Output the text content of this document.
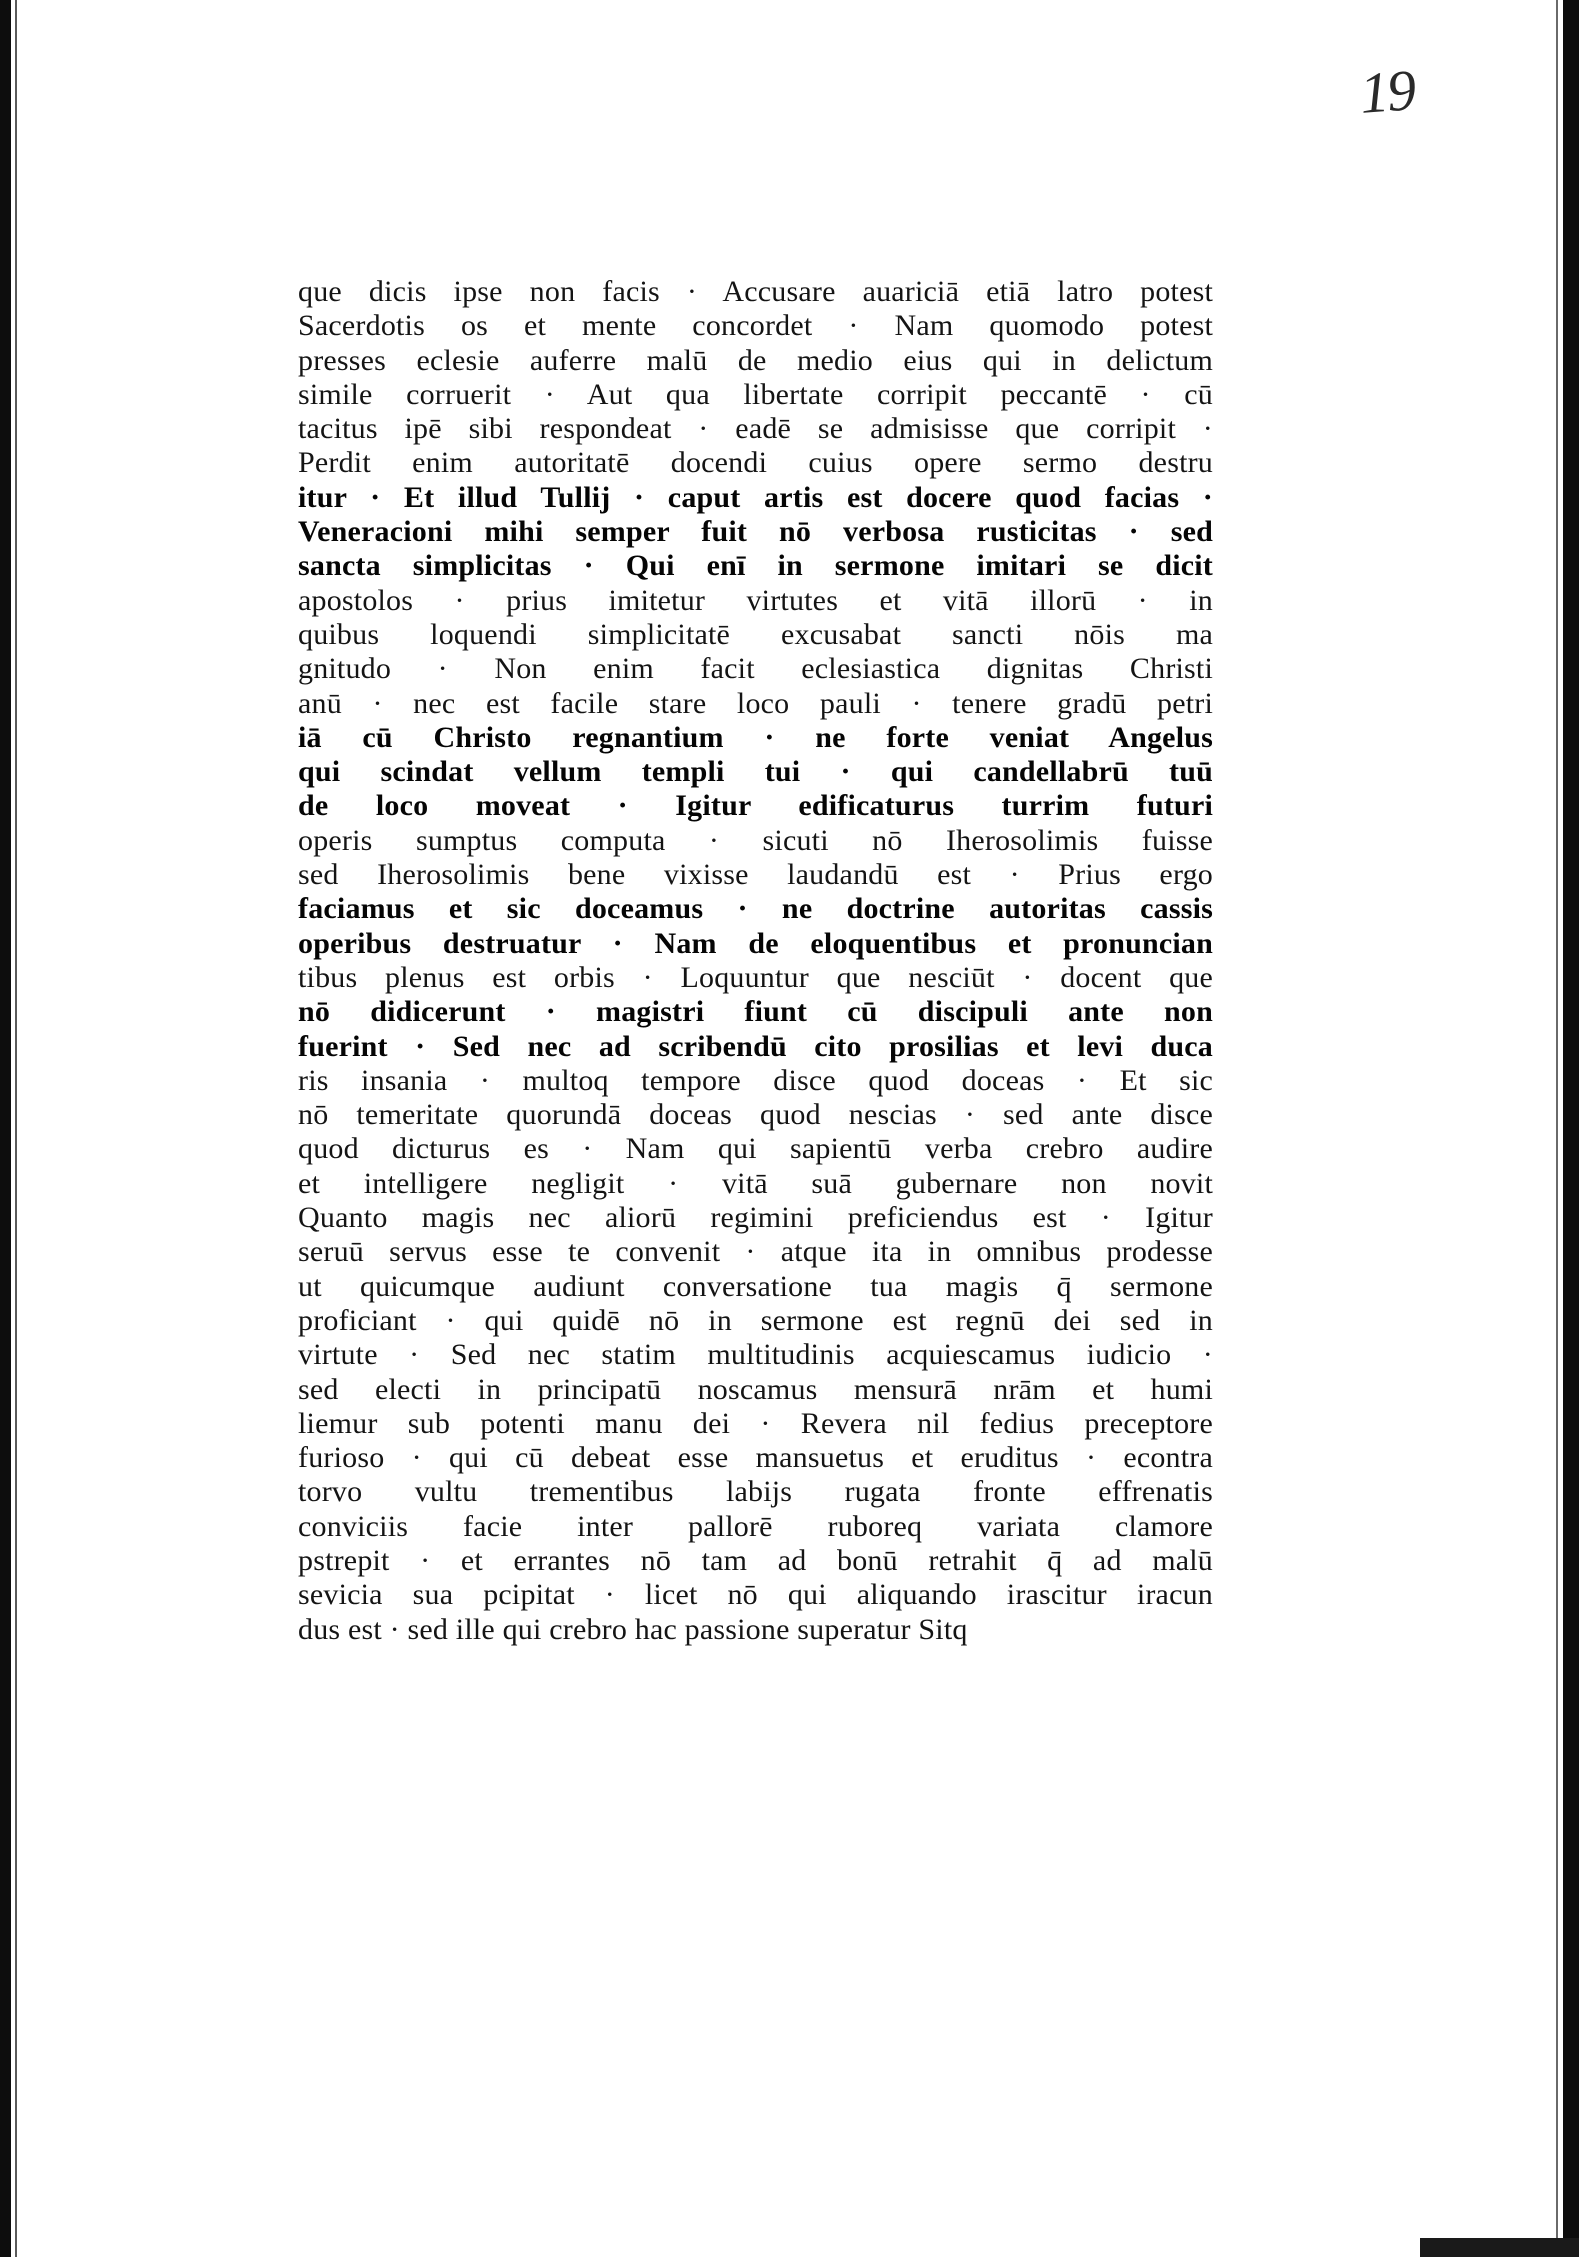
19
que dicis ipse non facis · Accusare auariciā etiā latro potest
Sacerdotis os et mente concordet · Nam quomodo potest
presses eclesie auferre malū de medio eius qui in delictum
simile corruerit · Aut qua libertate corripit peccantē · cū
tacitus ipē sibi respondeat · eadē se admisisse que corripit ·
Perdit enim autoritatē docendi cuius opere sermo destru
itur · Et illud Tullij · caput artis est docere quod facias ·
Veneracioni mihi semper fuit nō verbosa rusticitas · sed
sancta simplicitas · Qui enī in sermone imitari se dicit
apostolos · prius imitetur virtutes et vitā illorū · in
quibus loquendi simplicitatē excusabat sancti nōis ma
gnitudo · Non enim facit eclesiastica dignitas Christi
anū · nec est facile stare loco pauli · tenere gradū petri
iā cū Christo regnantium · ne forte veniat Angelus
qui scindat vellum templi tui · qui candellabrū tuū
de loco moveat · Igitur edificaturus turrim futuri
operis sumptus computa · sicuti nō Iherosolimis fuisse
sed Iherosolimis bene vixisse laudandū est · Prius ergo
faciamus et sic doceamus · ne doctrine autoritas cassis
operibus destruatur · Nam de eloquentibus et pronuncian
tibus plenus est orbis · Loquuntur que nesciūt · docent que
nō didicerunt · magistri fiunt cū discipuli ante non
fuerint · Sed nec ad scribendū cito prosilias et levi duca
ris insania · multoq tempore disce quod doceas · Et sic
nō temeritate quorundā doceas quod nescias · sed ante disce
quod dicturus es · Nam qui sapientū verba crebro audire
et intelligere negligit · vitā suā gubernare non novit
Quanto magis nec aliorū regimini preficiendus est · Igitur
seruū servus esse te convenit · atque ita in omnibus prodesse
ut quicumque audiunt conversatione tua magis q̄ sermone
proficiant · qui quidē nō in sermone est regnū dei sed in
virtute · Sed nec statim multitudinis acquiescamus iudicio ·
sed electi in principatū noscamus mensurā nrām et humi
liemur sub potenti manu dei · Revera nil fedius preceptore
furioso · qui cū debeat esse mansuetus et eruditus · econtra
torvo vultu trementibus labijs rugata fronte effrenatis
conviciis facie inter pallorē ruboreq variata clamore
pstrepit · et errantes nō tam ad bonū retrahit q̄ ad malū
sevicia sua pcipitat · licet nō qui aliquando irascitur iracun
dus est · sed ille qui crebro hac passione superatur Sitq
